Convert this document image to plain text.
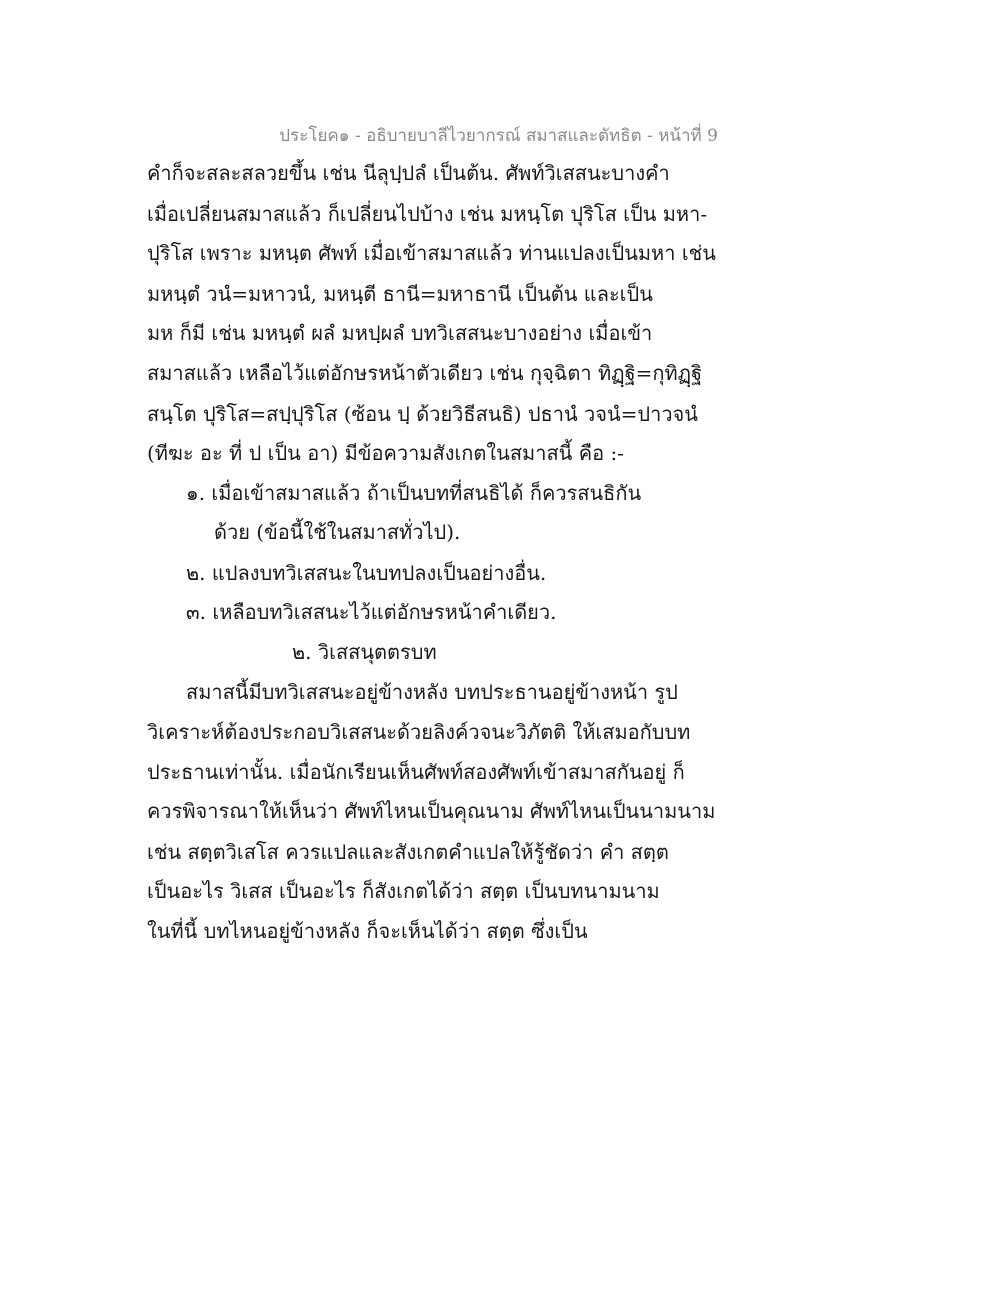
ประโยค๑ - อธิบายบาลีไวยากรณ์ สมาสและตัทธิต - หน้าที่ 9
คำก็จะสละสลวยขึ้น เช่น นีลุปฺปลํ เป็นต้น. ศัพท์วิเสสนะบางคำ
เมื่อเปลี่ยนสมาสแล้ว ก็เปลี่ยนไปบ้าง เช่น มหนฺโต ปุริโส เป็น มหา-
ปุริโส เพราะ มหนฺต ศัพท์ เมื่อเข้าสมาสแล้ว ท่านแปลงเป็นมหา เช่น
มหนฺตํ วนํ=มหาวนํ, มหนฺตี ธานี=มหาธานี เป็นต้น และเป็น
มห ก็มี เช่น มหนฺตํ ผลํ มหปฺผลํ บทวิเสสนะบางอย่าง เมื่อเข้า
สมาสแล้ว เหลือไว้แต่อักษรหน้าตัวเดียว เช่น กุจฺฉิตา ทิฏฺฐิ=กุทิฏฺฐิ
สนฺโต ปุริโส=สปฺปุริโส (ซ้อน ปฺ ด้วยวิธีสนธิ) ปธานํ วจนํ=ปาวจนํ
(ทีฆะ อะ ที่ ป เป็น อา) มีข้อความสังเกตในสมาสนี้ คือ :-
๑. เมื่อเข้าสมาสแล้ว ถ้าเป็นบทที่สนธิได้ ก็ควรสนธิกัน
ด้วย (ข้อนี้ใช้ในสมาสทั่วไป).
๒. แปลงบทวิเสสนะในบทปลงเป็นอย่างอื่น.
๓. เหลือบทวิเสสนะไว้แต่อักษรหน้าคำเดียว.
๒. วิเสสนุตตรบท
สมาสนี้มีบทวิเสสนะอยู่ข้างหลัง บทประธานอยู่ข้างหน้า รูป
วิเคราะห์ต้องประกอบวิเสสนะด้วยลิงค์วจนะวิภัตติ ให้เสมอกับบท
ประธานเท่านั้น. เมื่อนักเรียนเห็นศัพท์สองศัพท์เข้าสมาสกันอยู่ ก็
ควรพิจารณาให้เห็นว่า ศัพท์ไหนเป็นคุณนาม ศัพท์ไหนเป็นนามนาม
เช่น สตฺตวิเสโส ควรแปลและสังเกตคำแปลให้รู้ชัดว่า คำ สตฺต
เป็นอะไร วิเสส เป็นอะไร ก็สังเกตได้ว่า สตฺต เป็นบทนามนาม
ในที่นี้ บทไหนอยู่ข้างหลัง ก็จะเห็นได้ว่า สตฺต ซึ่งเป็น
